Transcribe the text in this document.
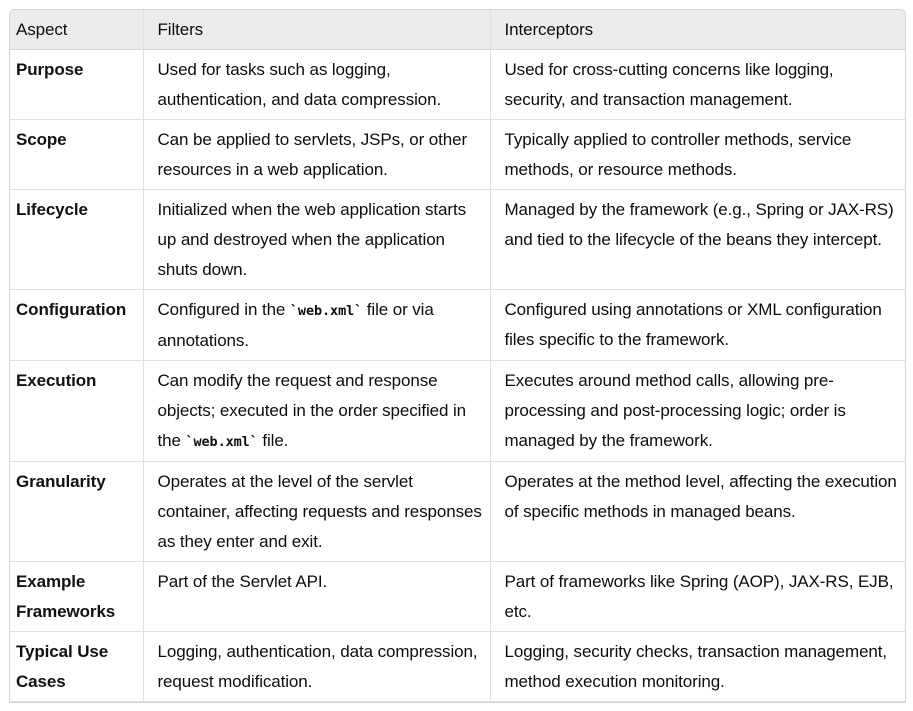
Aspect	Filters	Interceptors
Purpose	Used for tasks such as logging, authentication, and data compression.	Used for cross-cutting concerns like logging, security, and transaction management.
Scope	Can be applied to servlets, JSPs, or other resources in a web application.	Typically applied to controller methods, service methods, or resource methods.
Lifecycle	Initialized when the web application starts up and destroyed when the application shuts down.	Managed by the framework (e.g., Spring or JAX-RS) and tied to the lifecycle of the beans they intercept.
Configuration	Configured in the `web.xml` file or via annotations.	Configured using annotations or XML configuration files specific to the framework.
Execution	Can modify the request and response objects; executed in the order specified in the `web.xml` file.	Executes around method calls, allowing pre-processing and post-processing logic; order is managed by the framework.
Granularity	Operates at the level of the servlet container, affecting requests and responses as they enter and exit.	Operates at the method level, affecting the execution of specific methods in managed beans.
Example Frameworks	Part of the Servlet API.	Part of frameworks like Spring (AOP), JAX-RS, EJB, etc.
Typical Use Cases	Logging, authentication, data compression, request modification.	Logging, security checks, transaction management, method execution monitoring.
